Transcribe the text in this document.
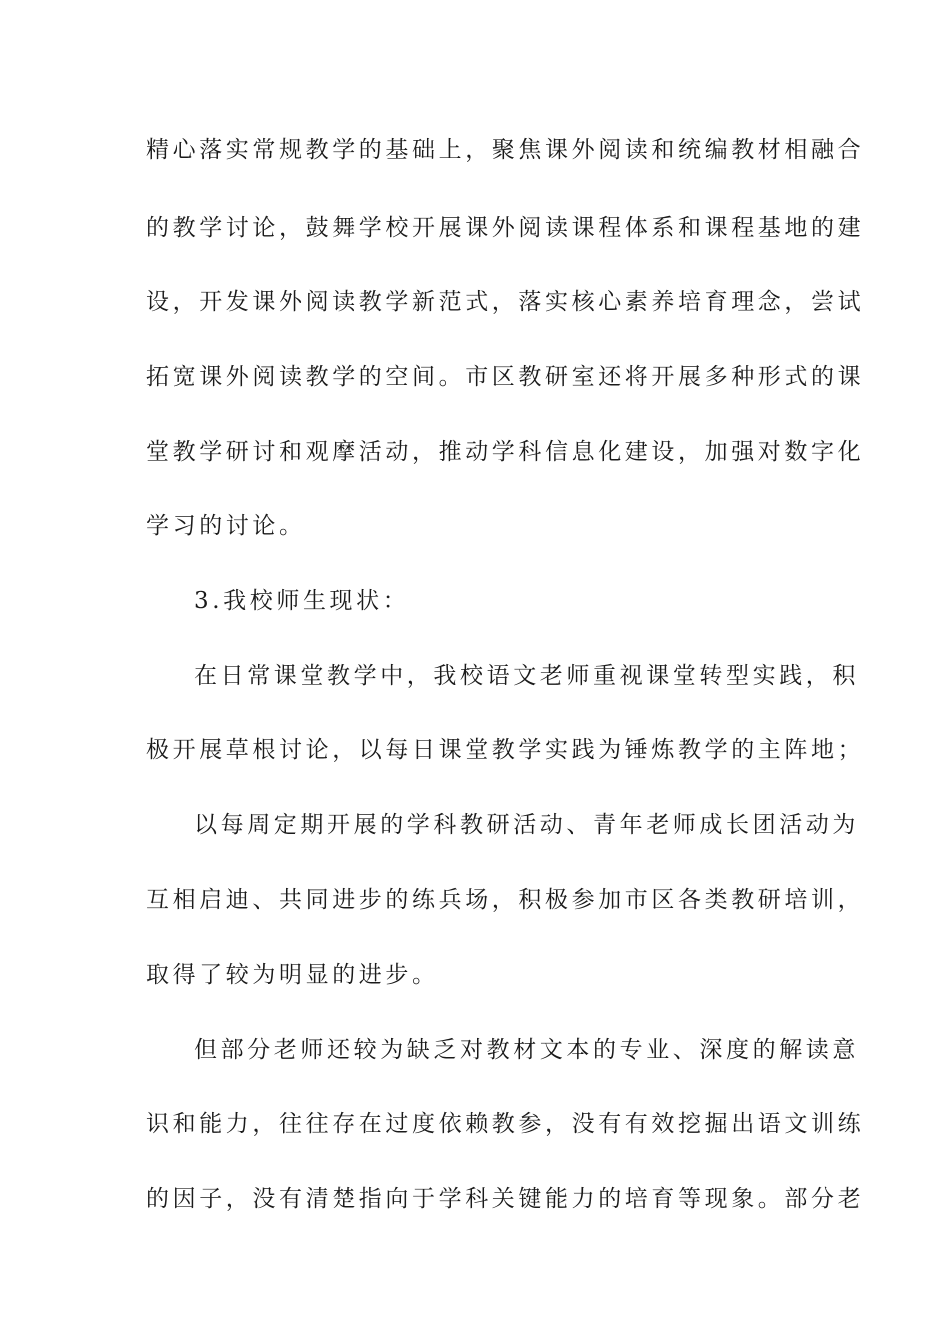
精心落实常规教学的基础上，聚焦课外阅读和统编教材相融合
的教学讨论，鼓舞学校开展课外阅读课程体系和课程基地的建
设，开发课外阅读教学新范式，落实核心素养培育理念，尝试
拓宽课外阅读教学的空间。市区教研室还将开展多种形式的课
堂教学研讨和观摩活动，推动学科信息化建设，加强对数字化
学习的讨论。
3.我校师生现状：
在日常课堂教学中，我校语文老师重视课堂转型实践，积
极开展草根讨论，以每日课堂教学实践为锤炼教学的主阵地；
以每周定期开展的学科教研活动、青年老师成长团活动为
互相启迪、共同进步的练兵场，积极参加市区各类教研培训，
取得了较为明显的进步。
但部分老师还较为缺乏对教材文本的专业、深度的解读意
识和能力，往往存在过度依赖教参，没有有效挖掘出语文训练
的因子，没有清楚指向于学科关键能力的培育等现象。部分老
